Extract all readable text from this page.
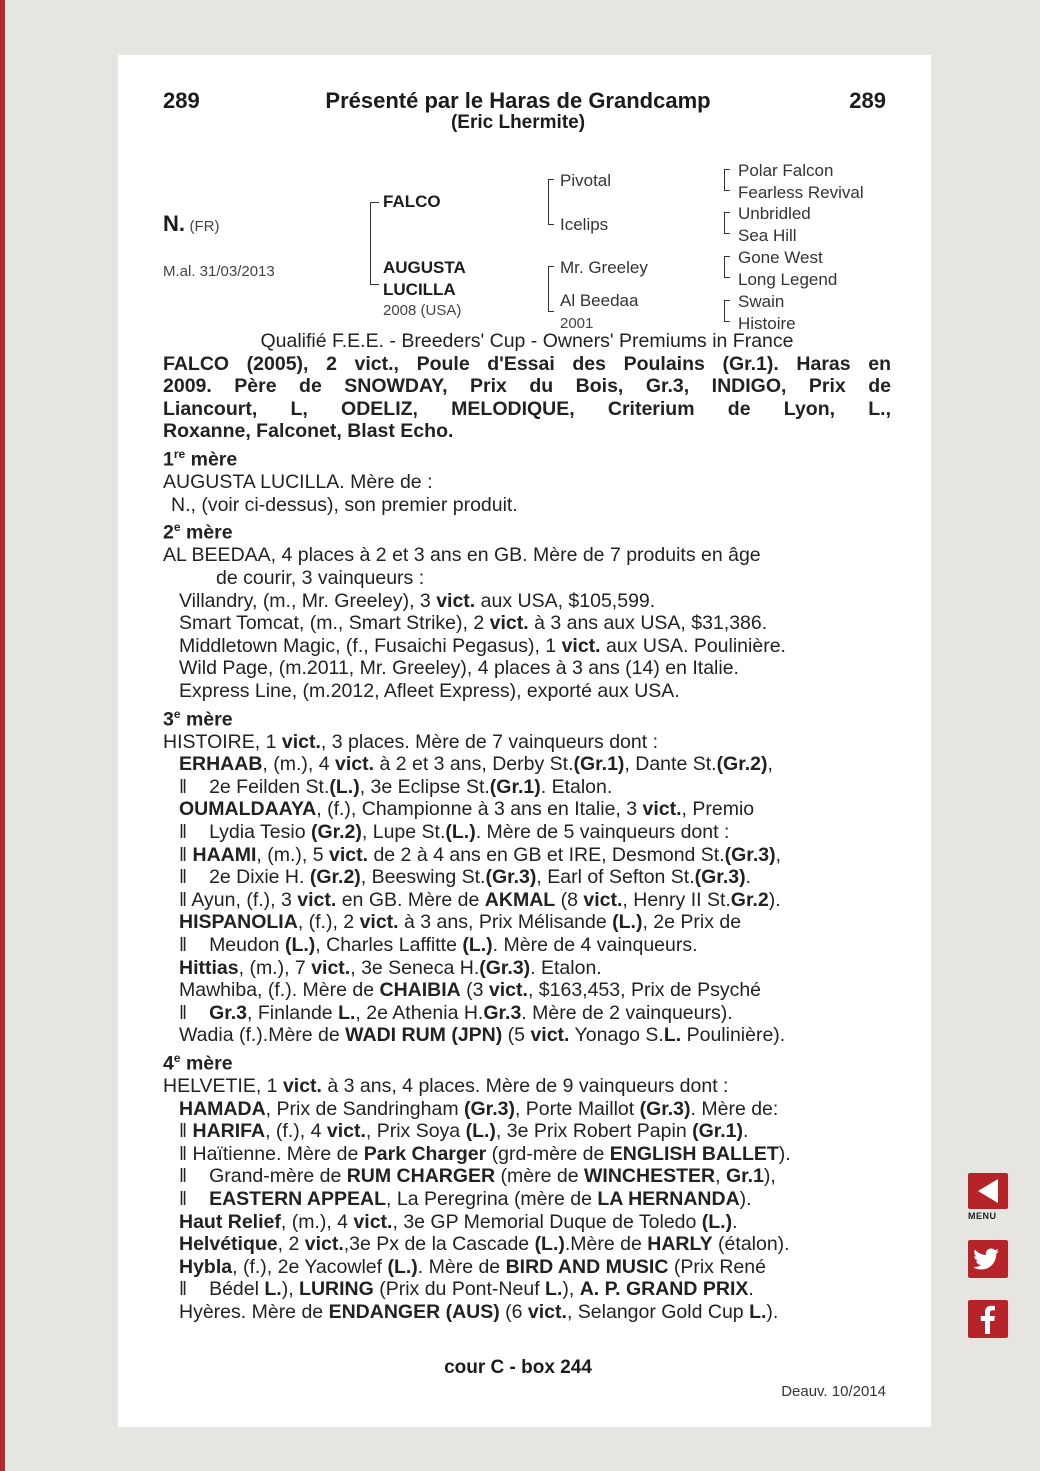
289	Présenté par le Haras de Grandcamp	289
(Eric Lhermite)
N. (FR)
M.al. 31/03/2013
FALCO
AUGUSTA
LUCILLA
2008 (USA)
Pivotal
Icelips
Mr. Greeley
Al Beedaa
2001
Polar Falcon
Fearless Revival
Unbridled
Sea Hill
Gone West
Long Legend
Swain
Histoire
Qualifié F.E.E. - Breeders' Cup - Owners' Premiums in France
FALCO (2005), 2 vict., Poule d'Essai des Poulains (Gr.1). Haras en
2009. Père de SNOWDAY, Prix du Bois, Gr.3, INDIGO, Prix de
Liancourt, L, ODELIZ, MELODIQUE, Criterium de Lyon, L.,
Roxanne, Falconet, Blast Echo.
1re mère
AUGUSTA LUCILLA. Mère de :
N., (voir ci-dessus), son premier produit.
2e mère
AL BEEDAA, 4 places à 2 et 3 ans en GB. Mère de 7 produits en âge
de courir, 3 vainqueurs :
Villandry, (m., Mr. Greeley), 3 vict. aux USA, $105,599.
Smart Tomcat, (m., Smart Strike), 2 vict. à 3 ans aux USA, $31,386.
Middletown Magic, (f., Fusaichi Pegasus), 1 vict. aux USA. Poulinière.
Wild Page, (m.2011, Mr. Greeley), 4 places à 3 ans (14) en Italie.
Express Line, (m.2012, Afleet Express), exporté aux USA.
3e mère
HISTOIRE, 1 vict., 3 places. Mère de 7 vainqueurs dont :
ERHAAB, (m.), 4 vict. à 2 et 3 ans, Derby St.(Gr.1), Dante St.(Gr.2),
‖ 2e Feilden St.(L.), 3e Eclipse St.(Gr.1). Etalon.
OUMALDAAYA, (f.), Championne à 3 ans en Italie, 3 vict., Premio
‖ Lydia Tesio (Gr.2), Lupe St.(L.). Mère de 5 vainqueurs dont :
‖ HAAMI, (m.), 5 vict. de 2 à 4 ans en GB et IRE, Desmond St.(Gr.3),
‖ 2e Dixie H. (Gr.2), Beeswing St.(Gr.3), Earl of Sefton St.(Gr.3).
‖ Ayun, (f.), 3 vict. en GB. Mère de AKMAL (8 vict., Henry II St.Gr.2).
HISPANOLIA, (f.), 2 vict. à 3 ans, Prix Mélisande (L.), 2e Prix de
‖ Meudon (L.), Charles Laffitte (L.). Mère de 4 vainqueurs.
Hittias, (m.), 7 vict., 3e Seneca H.(Gr.3). Etalon.
Mawhiba, (f.). Mère de CHAIBIA (3 vict., $163,453, Prix de Psyché
‖ Gr.3, Finlande L., 2e Athenia H.Gr.3. Mère de 2 vainqueurs).
Wadia (f.).Mère de WADI RUM (JPN) (5 vict. Yonago S.L. Poulinière).
4e mère
HELVETIE, 1 vict. à 3 ans, 4 places. Mère de 9 vainqueurs dont :
HAMADA, Prix de Sandringham (Gr.3), Porte Maillot (Gr.3). Mère de:
‖ HARIFA, (f.), 4 vict., Prix Soya (L.), 3e Prix Robert Papin (Gr.1).
‖ Haïtienne. Mère de Park Charger (grd-mère de ENGLISH BALLET).
‖ Grand-mère de RUM CHARGER (mère de WINCHESTER, Gr.1),
‖ EASTERN APPEAL, La Peregrina (mère de LA HERNANDA).
Haut Relief, (m.), 4 vict., 3e GP Memorial Duque de Toledo (L.).
Helvétique, 2 vict.,3e Px de la Cascade (L.).Mère de HARLY (étalon).
Hybla, (f.), 2e Yacowlef (L.). Mère de BIRD AND MUSIC (Prix René
‖ Bédel L.), LURING (Prix du Pont-Neuf L.), A. P. GRAND PRIX.
Hyères. Mère de ENDANGER (AUS) (6 vict., Selangor Gold Cup L.).
cour C - box 244
Deauv. 10/2014
MENU
